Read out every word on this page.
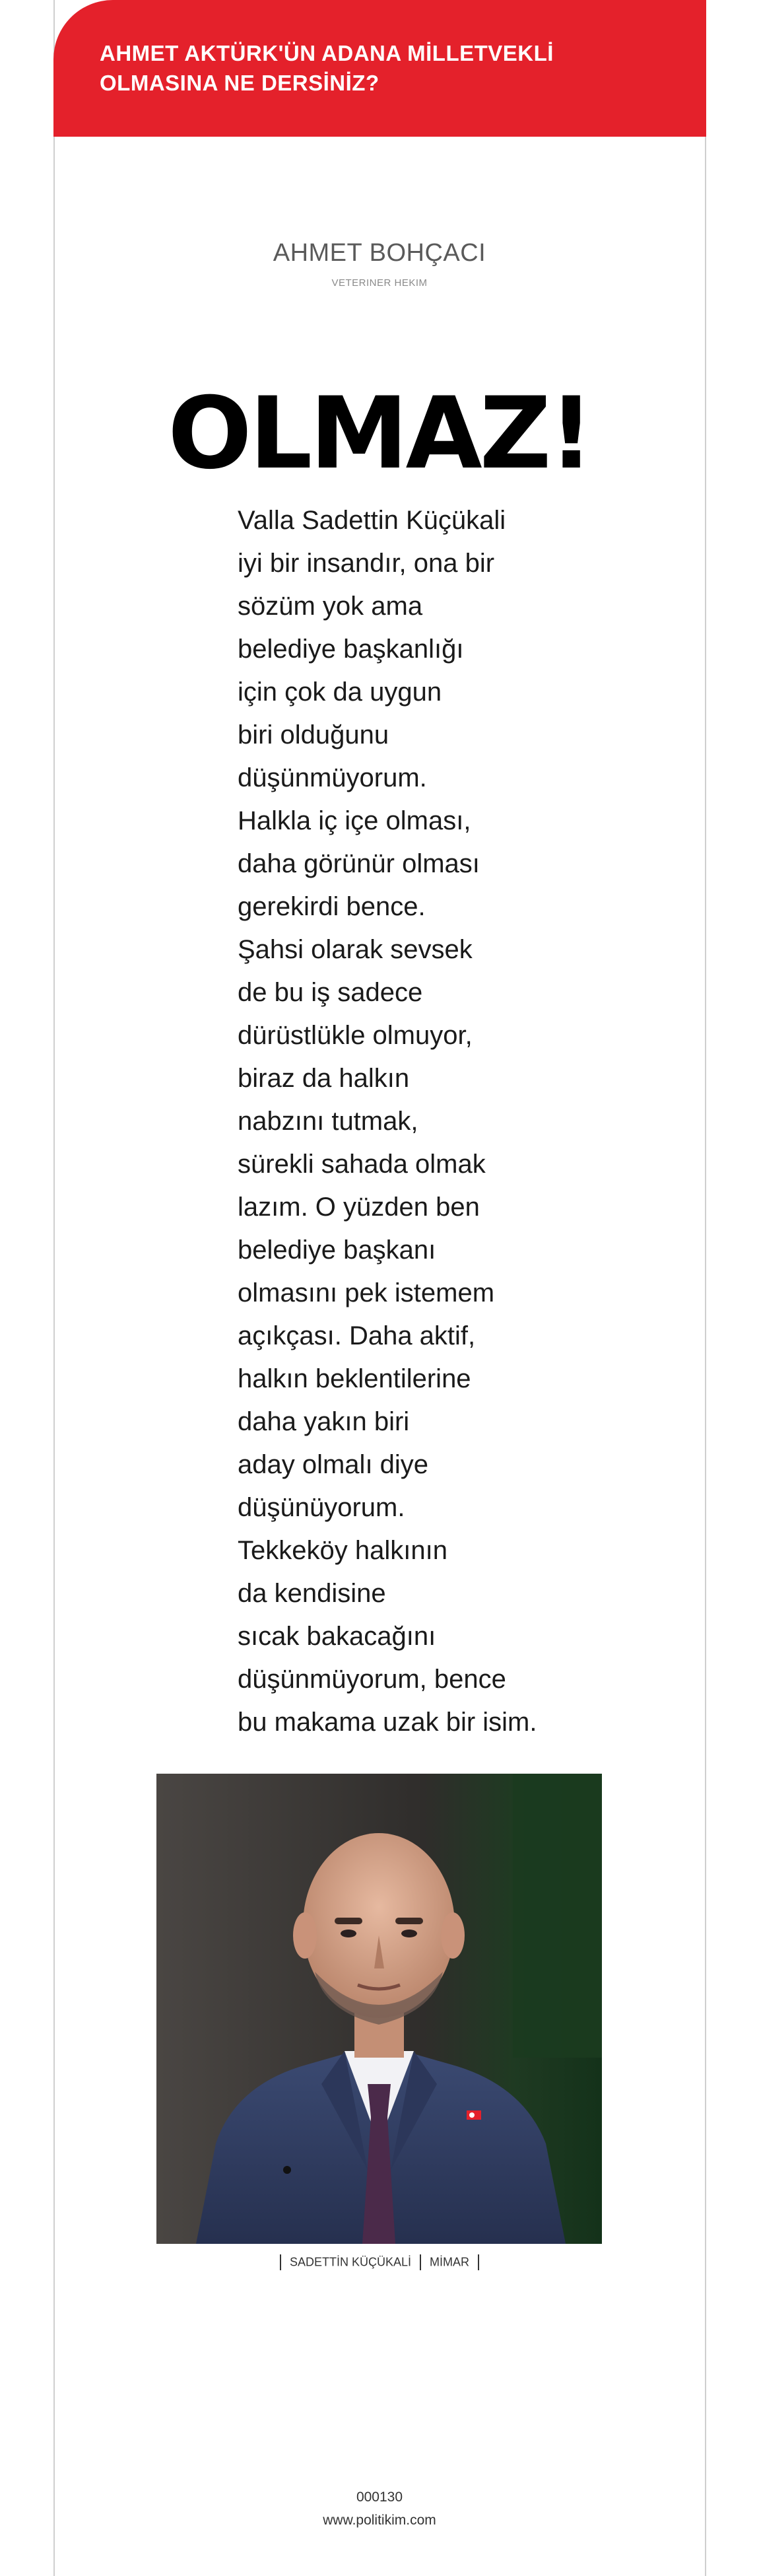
AHMET AKTÜRK'ÜN ADANA MİLLETVEKLİ
OLMASINA NE DERSİNİZ?

AHMET BOHÇACI
VETERINER HEKIM
OLMAZ!
Valla Sadettin Küçükali
iyi bir insandır, ona bir
sözüm yok ama
belediye başkanlığı
için çok da uygun
biri olduğunu
düşünmüyorum.
Halkla iç içe olması,
daha görünür olması
gerekirdi bence.
Şahsi olarak sevsek
de bu iş sadece
dürüstlükle olmuyor,
biraz da halkın
nabzını tutmak,
sürekli sahada olmak
lazım. O yüzden ben
belediye başkanı
olmasını pek istemem
açıkçası. Daha aktif,
halkın beklentilerine
daha yakın biri
aday olmalı diye
düşünüyorum.
Tekkeköy halkının
da kendisine
sıcak bakacağını
düşünmüyorum, bence
bu makama uzak bir isim.
SADETTİN KÜÇÜKALİ MİMAR
000130
www.politikim.com
